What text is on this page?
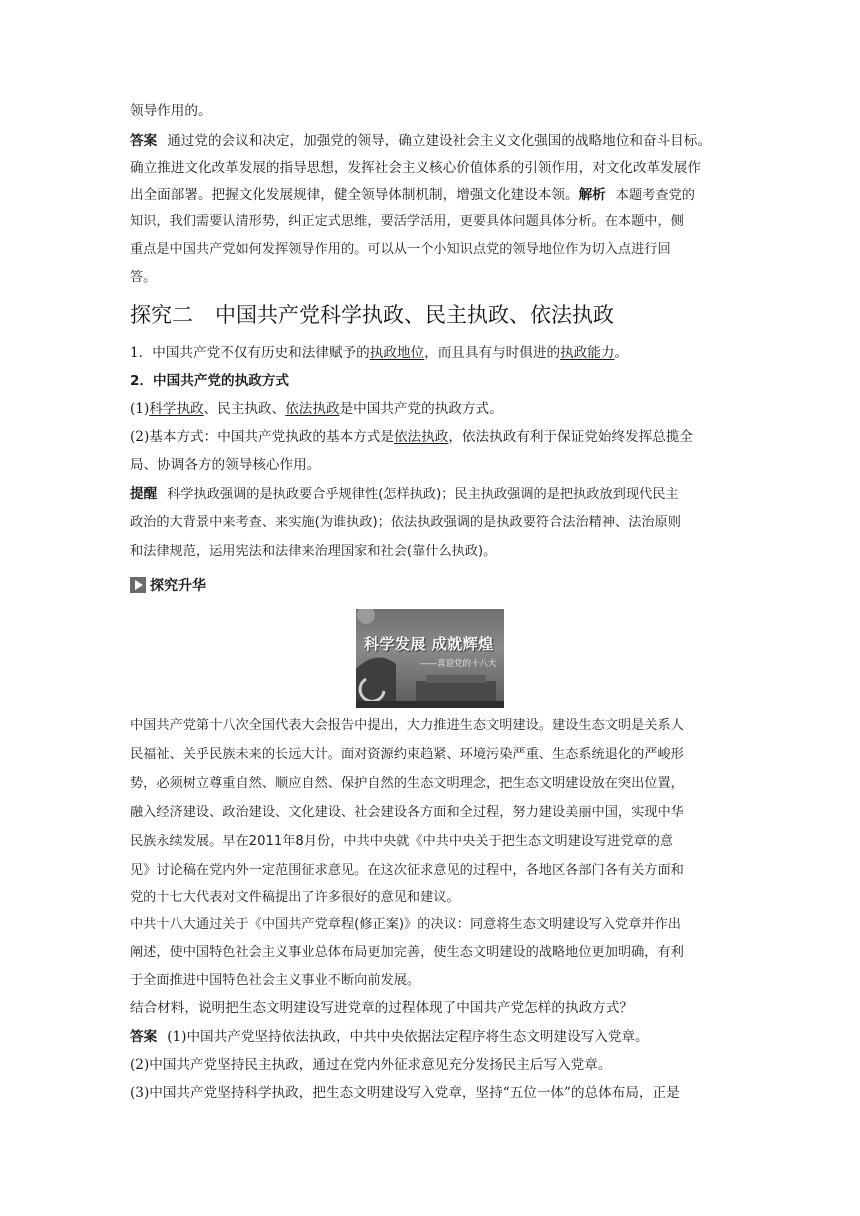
领导作用的。
答案 通过党的会议和决定，加强党的领导，确立建设社会主义文化强国的战略地位和奋斗目标。
确立推进文化改革发展的指导思想，发挥社会主义核心价值体系的引领作用，对文化改革发展作
出全面部署。把握文化发展规律，健全领导体制机制，增强文化建设本领。解析 本题考查党的
知识，我们需要认清形势，纠正定式思维，要活学活用，更要具体问题具体分析。在本题中，侧
重点是中国共产党如何发挥领导作用的。可以从一个小知识点党的领导地位作为切入点进行回
答。
探究二 中国共产党科学执政、民主执政、依法执政
1．中国共产党不仅有历史和法律赋予的执政地位，而且具有与时俱进的执政能力。
2．中国共产党的执政方式
(1)科学执政、民主执政、依法执政是中国共产党的执政方式。
(2)基本方式：中国共产党执政的基本方式是依法执政，依法执政有利于保证党始终发挥总揽全
局、协调各方的领导核心作用。
提醒 科学执政强调的是执政要合乎规律性(怎样执政)；民主执政强调的是把执政放到现代民主
政治的大背景中来考查、来实施(为谁执政)；依法执政强调的是执政要符合法治精神、法治原则
和法律规范，运用宪法和法律来治理国家和社会(靠什么执政)。
探究升华
科学发展 成就辉煌
——喜迎党的十八大
中国共产党第十八次全国代表大会报告中提出，大力推进生态文明建设。建设生态文明是关系人
民福祉、关乎民族未来的长远大计。面对资源约束趋紧、环境污染严重、生态系统退化的严峻形
势，必须树立尊重自然、顺应自然、保护自然的生态文明理念，把生态文明建设放在突出位置，
融入经济建设、政治建设、文化建设、社会建设各方面和全过程，努力建设美丽中国，实现中华
民族永续发展。早在2011年8月份，中共中央就《中共中央关于把生态文明建设写进党章的意
见》讨论稿在党内外一定范围征求意见。在这次征求意见的过程中，各地区各部门各有关方面和
党的十七大代表对文件稿提出了许多很好的意见和建议。
中共十八大通过关于《中国共产党章程(修正案)》的决议：同意将生态文明建设写入党章并作出
阐述，使中国特色社会主义事业总体布局更加完善，使生态文明建设的战略地位更加明确，有利
于全面推进中国特色社会主义事业不断向前发展。
结合材料，说明把生态文明建设写进党章的过程体现了中国共产党怎样的执政方式？
答案 (1)中国共产党坚持依法执政，中共中央依据法定程序将生态文明建设写入党章。
(2)中国共产党坚持民主执政，通过在党内外征求意见充分发扬民主后写入党章。
(3)中国共产党坚持科学执政，把生态文明建设写入党章，坚持“五位一体”的总体布局，正是
